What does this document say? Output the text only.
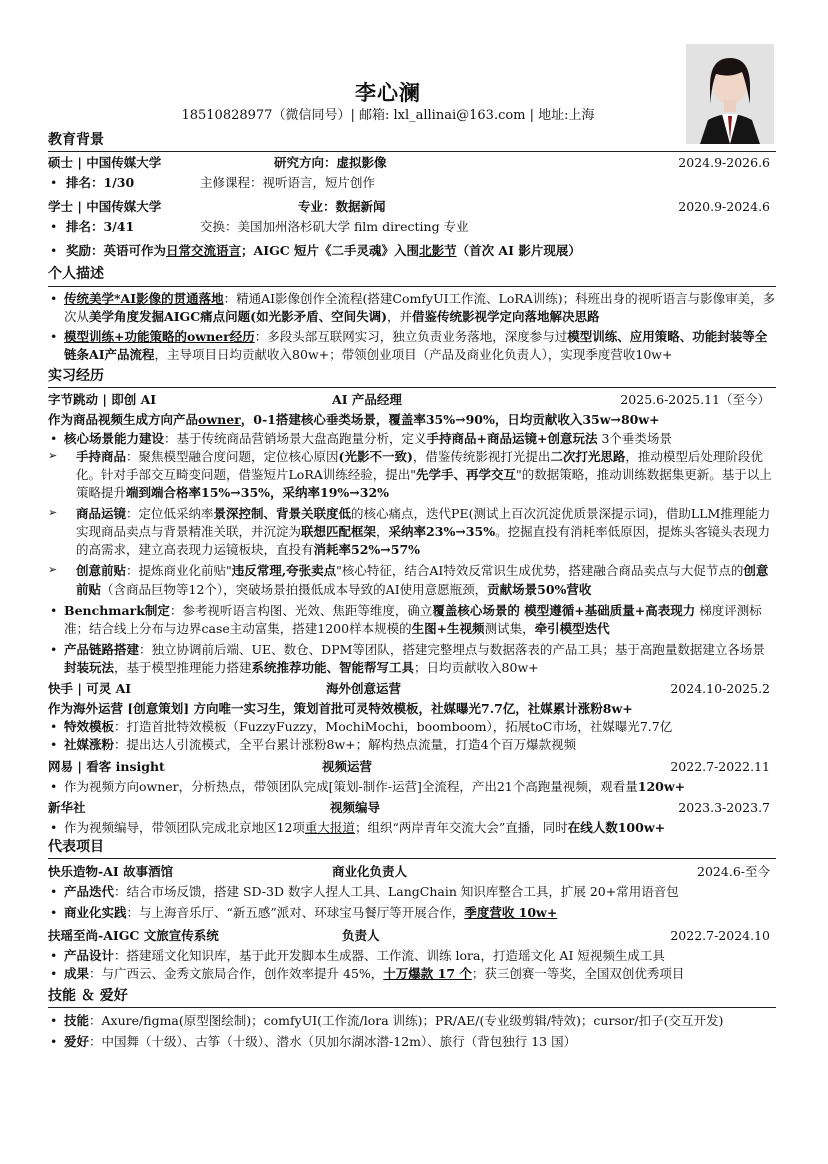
李心澜
18510828977（微信同号）| 邮箱: lxl_allinai@163.com | 地址:上海
教育背景
硕士 | 中国传媒大学	研究方向：虚拟影像	2024.9-2026.6
• 排名：1/30	主修课程：视听语言，短片创作
学士 | 中国传媒大学	专业：数据新闻	2020.9-2024.6
• 排名：3/41	交换：美国加州洛杉矶大学 film directing 专业
• 奖励：英语可作为日常交流语言；AIGC 短片《二手灵魂》入围北影节（首次 AI 影片现展）
个人描述
• 传统美学*AI影像的贯通落地：精通AI影像创作全流程(搭建ComfyUI工作流、LoRA训练)；科班出身的视听语言与影像审美，多次从美学角度发掘AIGC痛点问题(如光影矛盾、空间失调)，并借鉴传统影视学定向落地解决思路
• 模型训练+功能策略的owner经历：多段头部互联网实习，独立负责业务落地，深度参与过模型训练、应用策略、功能封装等全链条AI产品流程，主导项目日均贡献收入80w+；带领创业项目（产品及商业化负责人），实现季度营收10w+
实习经历
字节跳动 | 即创 AI	AI 产品经理	2025.6-2025.11（至今）
作为商品视频生成方向产品owner，0-1搭建核心垂类场景，覆盖率35%→90%，日均贡献收入35w→80w+
• 核心场景能力建设：基于传统商品营销场景大盘高跑量分析，定义手持商品+商品运镜+创意玩法 3个垂类场景
➢ 手持商品：聚焦模型融合度问题，定位核心原因(光影不一致)，借鉴传统影视打光提出二次打光思路，推动模型后处理阶段优化。针对手部交互畸变问题，借鉴短片LoRA训练经验，提出"先学手、再学交互"的数据策略，推动训练数据集更新。基于以上策略提升端到端合格率15%→35%，采纳率19%→32%
➢ 商品运镜：定位低采纳率景深控制、背景关联度低的核心痛点，迭代PE(测试上百次沉淀优质景深提示词)，借助LLM推理能力实现商品卖点与背景精准关联，并沉淀为联想匹配框架，采纳率23%→35%。挖掘直投有消耗率低原因，提炼头客镜头表现力的高需求，建立高表现力运镜板块，直投有消耗率52%→57%
➢ 创意前贴：提炼商业化前贴"违反常理,夸张卖点"核心特征，结合AI特效反常识生成优势，搭建融合商品卖点与大促节点的创意前贴（含商品巨物等12个），突破场景拍摄低成本导致的AI使用意愿瓶颈，贡献场景50%营收
• Benchmark制定：参考视听语言构图、光效、焦距等维度，确立覆盖核心场景的 模型遵循+基础质量+高表现力 梯度评测标准；结合线上分布与边界case主动富集，搭建1200样本规模的生图+生视频测试集，牵引模型迭代
• 产品链路搭建：独立协调前后端、UE、数仓、DPM等团队，搭建完整埋点与数据落表的产品工具；基于高跑量数据建立各场景封装玩法，基于模型推理能力搭建系统推荐功能、智能帮写工具；日均贡献收入80w+
快手 | 可灵 AI	海外创意运营	2024.10-2025.2
作为海外运营 [创意策划] 方向唯一实习生，策划首批可灵特效模板，社媒曝光7.7亿，社媒累计涨粉8w+
• 特效模板：打造首批特效模板（FuzzyFuzzy，MochiMochi，boomboom），拓展toC市场，社媒曝光7.7亿
• 社媒涨粉：提出达人引流模式，全平台累计涨粉8w+；解构热点流量，打造4个百万爆款视频
网易 | 看客 insight	视频运营	2022.7-2022.11
• 作为视频方向owner，分析热点，带领团队完成[策划-制作-运营]全流程，产出21个高跑量视频，观看量120w+
新华社	视频编导	2023.3-2023.7
• 作为视频编导，带领团队完成北京地区12项重大报道；组织“两岸青年交流大会”直播，同时在线人数100w+
代表项目
快乐造物-AI 故事酒馆	商业化负责人	2024.6-至今
• 产品迭代：结合市场反馈，搭建 SD-3D 数字人捏人工具、LangChain 知识库整合工具，扩展 20+常用语音包
• 商业化实践：与上海音乐厅、“新五感”派对、环球宝马餐厅等开展合作，季度营收 10w+
扶瑶至尚-AIGC 文旅宣传系统	负责人	2022.7-2024.10
• 产品设计：搭建瑶文化知识库，基于此开发脚本生成器、工作流、训练 lora，打造瑶文化 AI 短视频生成工具
• 成果：与广西云、金秀文旅局合作，创作效率提升 45%，十万爆款 17 个；获三创赛一等奖，全国双创优秀项目
技能 ＆ 爱好
• 技能：Axure/figma(原型图绘制)；comfyUI(工作流/lora 训练)；PR/AE/(专业级剪辑/特效)；cursor/扣子(交互开发)
• 爱好：中国舞（十级）、古筝（十级）、潜水（贝加尔湖冰潜-12m）、旅行（背包独行 13 国）
